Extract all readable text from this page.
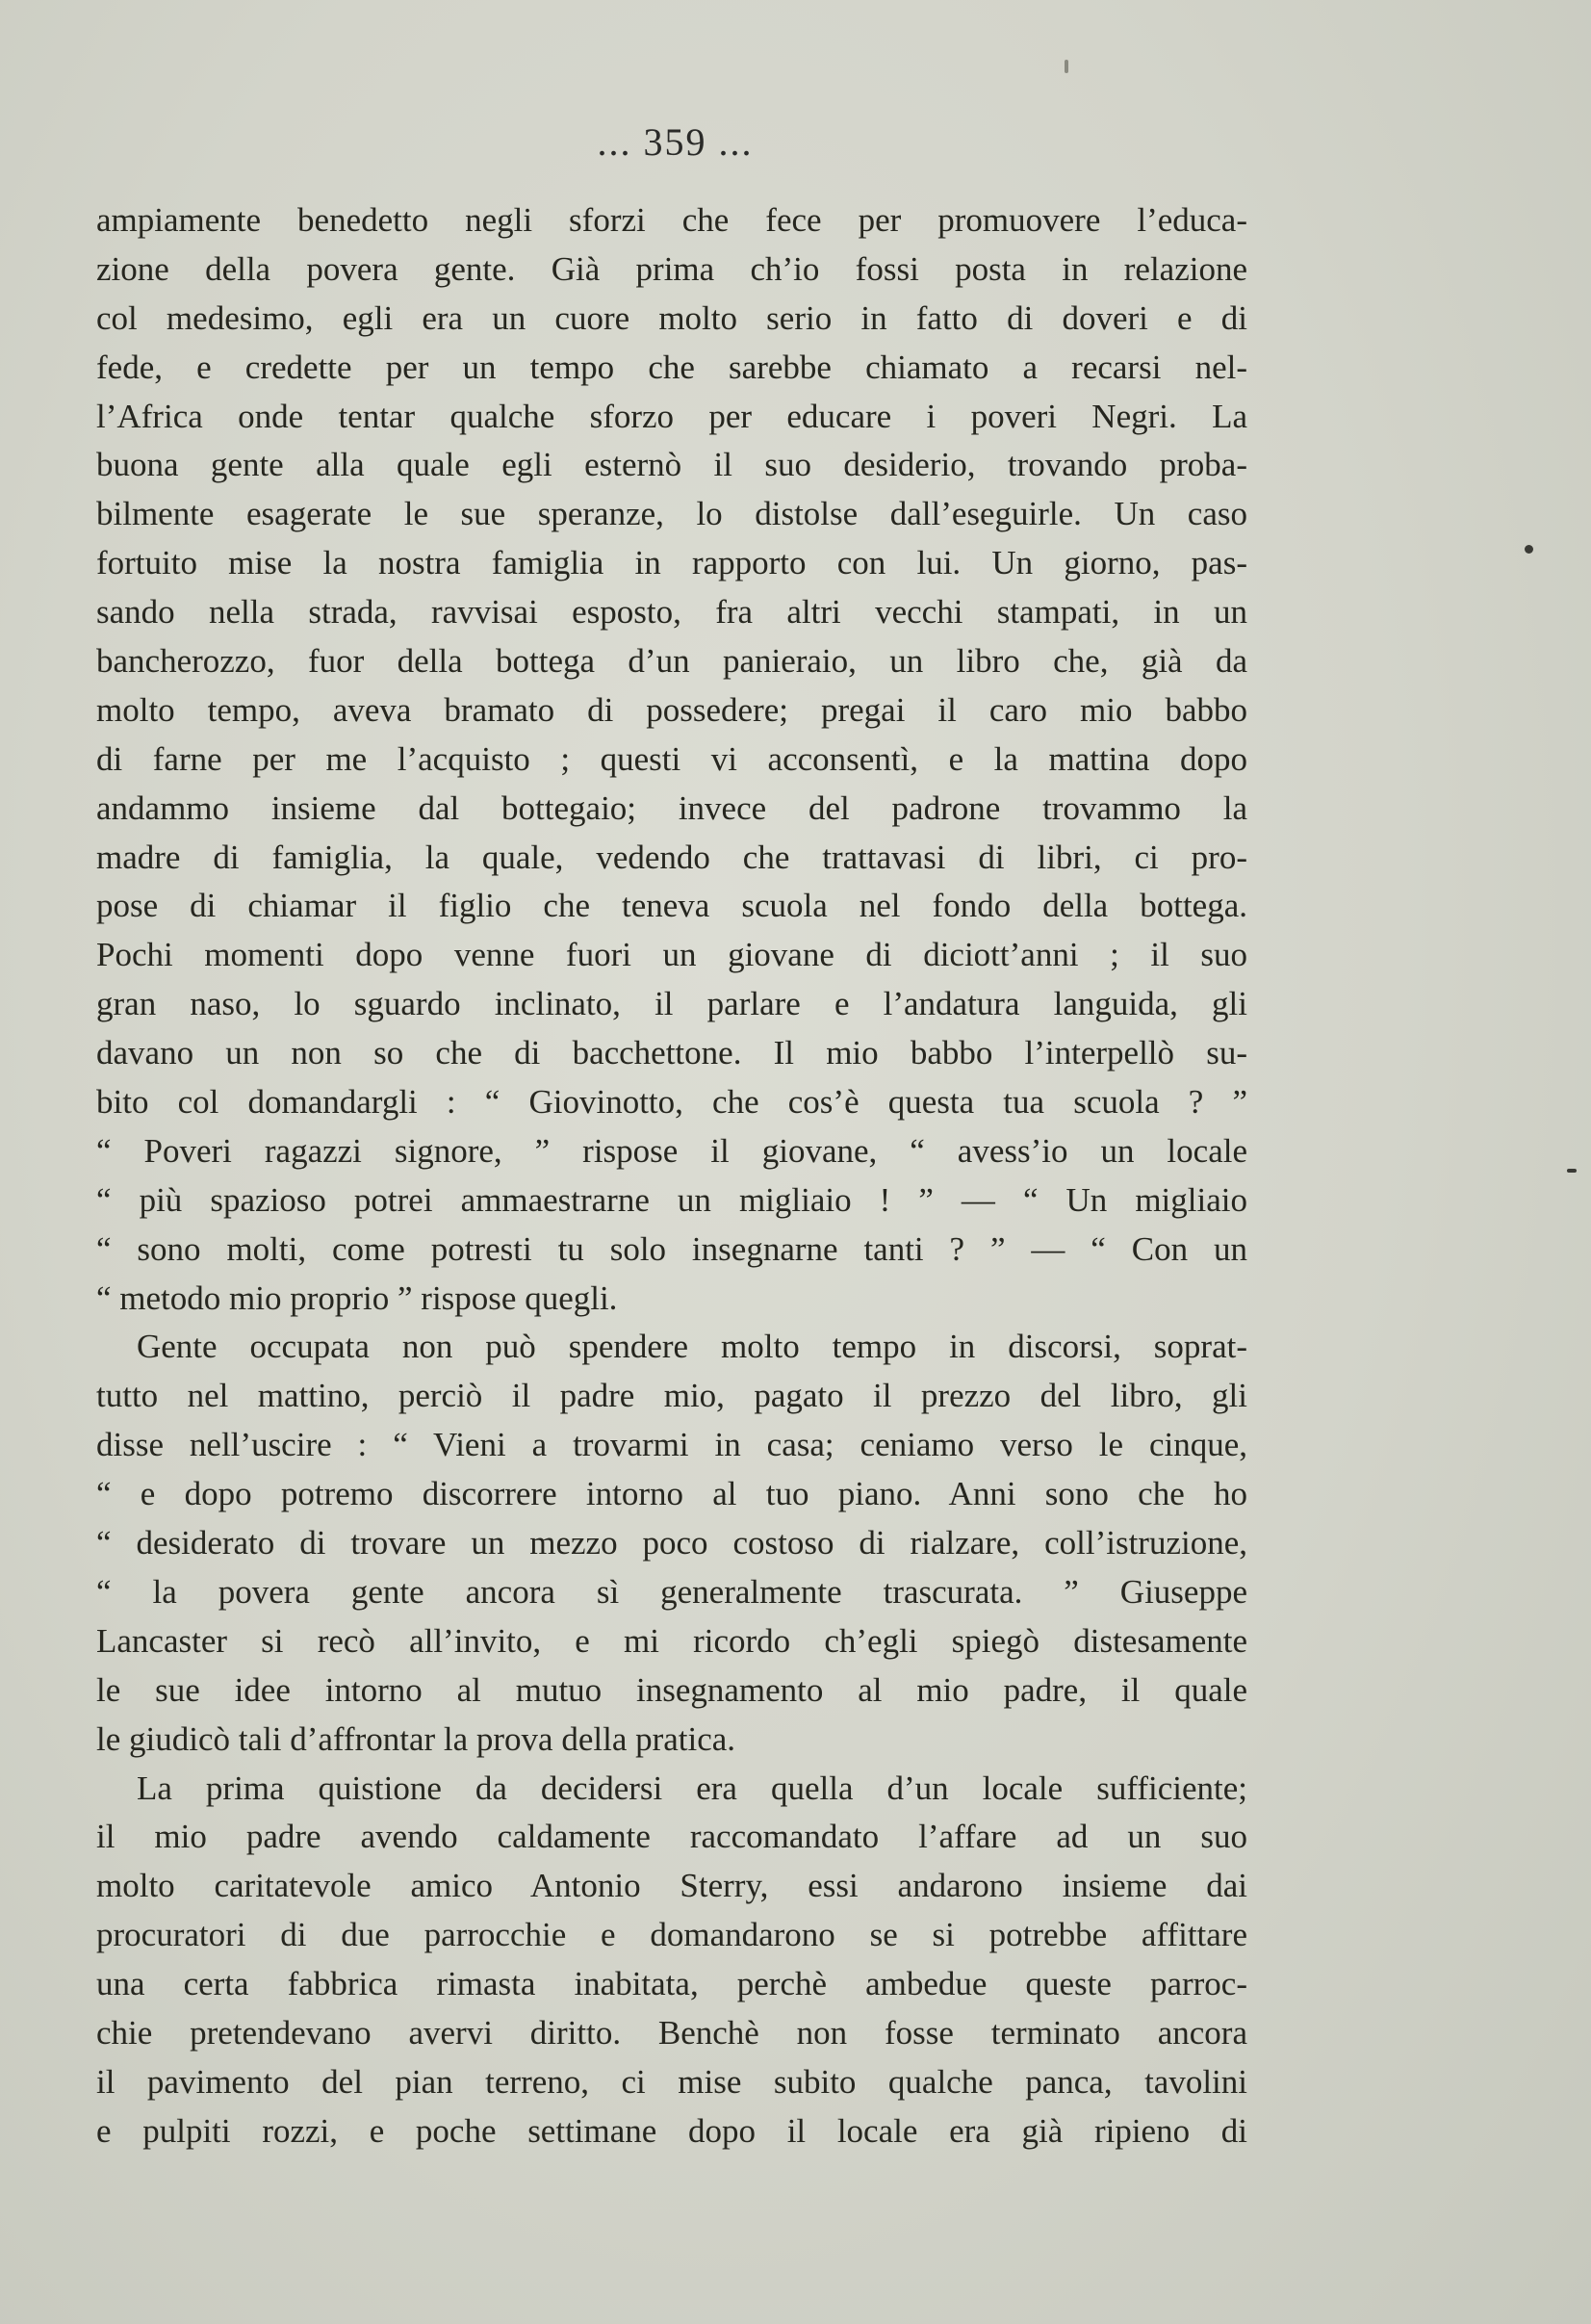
... 359 ...
ampiamente benedetto negli sforzi che fece per promuovere l’educa-
zione della povera gente. Già prima ch’io fossi posta in relazione
col medesimo, egli era un cuore molto serio in fatto di doveri e di
fede, e credette per un tempo che sarebbe chiamato a recarsi nel-
l’Africa onde tentar qualche sforzo per educare i poveri Negri. La
buona gente alla quale egli esternò il suo desiderio, trovando proba-
bilmente esagerate le sue speranze, lo distolse dall’eseguirle. Un caso
fortuito mise la nostra famiglia in rapporto con lui. Un giorno, pas-
sando nella strada, ravvisai esposto, fra altri vecchi stampati, in un
bancherozzo, fuor della bottega d’un panieraio, un libro che, già da
molto tempo, aveva bramato di possedere; pregai il caro mio babbo
di farne per me l’acquisto ; questi vi acconsentì, e la mattina dopo
andammo insieme dal bottegaio; invece del padrone trovammo la
madre di famiglia, la quale, vedendo che trattavasi di libri, ci pro-
pose di chiamar il figlio che teneva scuola nel fondo della bottega.
Pochi momenti dopo venne fuori un giovane di diciott’anni ; il suo
gran naso, lo sguardo inclinato, il parlare e l’andatura languida, gli
davano un non so che di bacchettone. Il mio babbo l’interpellò su-
bito col domandargli : “ Giovinotto, che cos’è questa tua scuola ? ”
“ Poveri ragazzi signore, ” rispose il giovane, “ avess’io un locale
“ più spazioso potrei ammaestrarne un migliaio ! ” — “ Un migliaio
“ sono molti, come potresti tu solo insegnarne tanti ? ” — “ Con un
“ metodo mio proprio ” rispose quegli.
Gente occupata non può spendere molto tempo in discorsi, soprat-
tutto nel mattino, perciò il padre mio, pagato il prezzo del libro, gli
disse nell’uscire : “ Vieni a trovarmi in casa; ceniamo verso le cinque,
“ e dopo potremo discorrere intorno al tuo piano. Anni sono che ho
“ desiderato di trovare un mezzo poco costoso di rialzare, coll’istruzione,
“ la povera gente ancora sì generalmente trascurata. ” Giuseppe
Lancaster si recò all’invito, e mi ricordo ch’egli spiegò distesamente
le sue idee intorno al mutuo insegnamento al mio padre, il quale
le giudicò tali d’affrontar la prova della pratica.
La prima quistione da decidersi era quella d’un locale sufficiente;
il mio padre avendo caldamente raccomandato l’affare ad un suo
molto caritatevole amico Antonio Sterry, essi andarono insieme dai
procuratori di due parrocchie e domandarono se si potrebbe affittare
una certa fabbrica rimasta inabitata, perchè ambedue queste parroc-
chie pretendevano avervi diritto. Benchè non fosse terminato ancora
il pavimento del pian terreno, ci mise subito qualche panca, tavolini
e pulpiti rozzi, e poche settimane dopo il locale era già ripieno di
